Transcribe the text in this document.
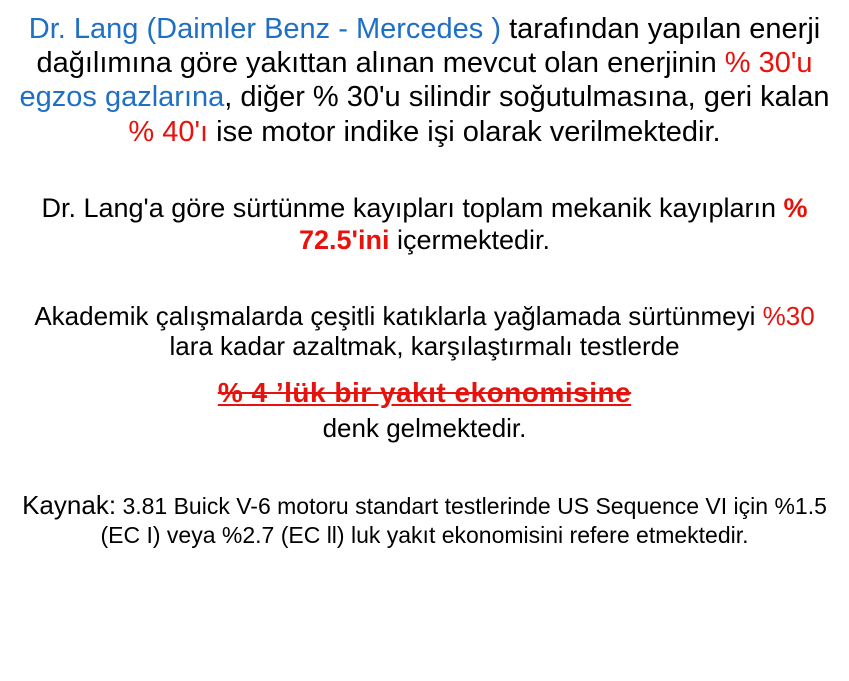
Dr. Lang (Daimler Benz - Mercedes ) tarafından yapılan enerji dağılımına göre yakıttan alınan mevcut olan enerjinin % 30'u egzos gazlarına, diğer % 30'u silindir soğutulmasına, geri kalan % 40'ı ise motor indike işi olarak verilmektedir.
Dr. Lang'a göre sürtünme kayıpları toplam mekanik kayıpların % 72.5'ini içermektedir.
Akademik çalışmalarda çeşitli katıklarla yağlamada sürtünmeyi %30 lara kadar azaltmak, karşılaştırmalı testlerde
% 4 ’lük bir yakıt ekonomisine
denk gelmektedir.
Kaynak: 3.81 Buick V-6 motoru standart testlerinde US Sequence VI için %1.5 (EC I) veya %2.7 (EC ll) luk yakıt ekonomisini refere etmektedir.
